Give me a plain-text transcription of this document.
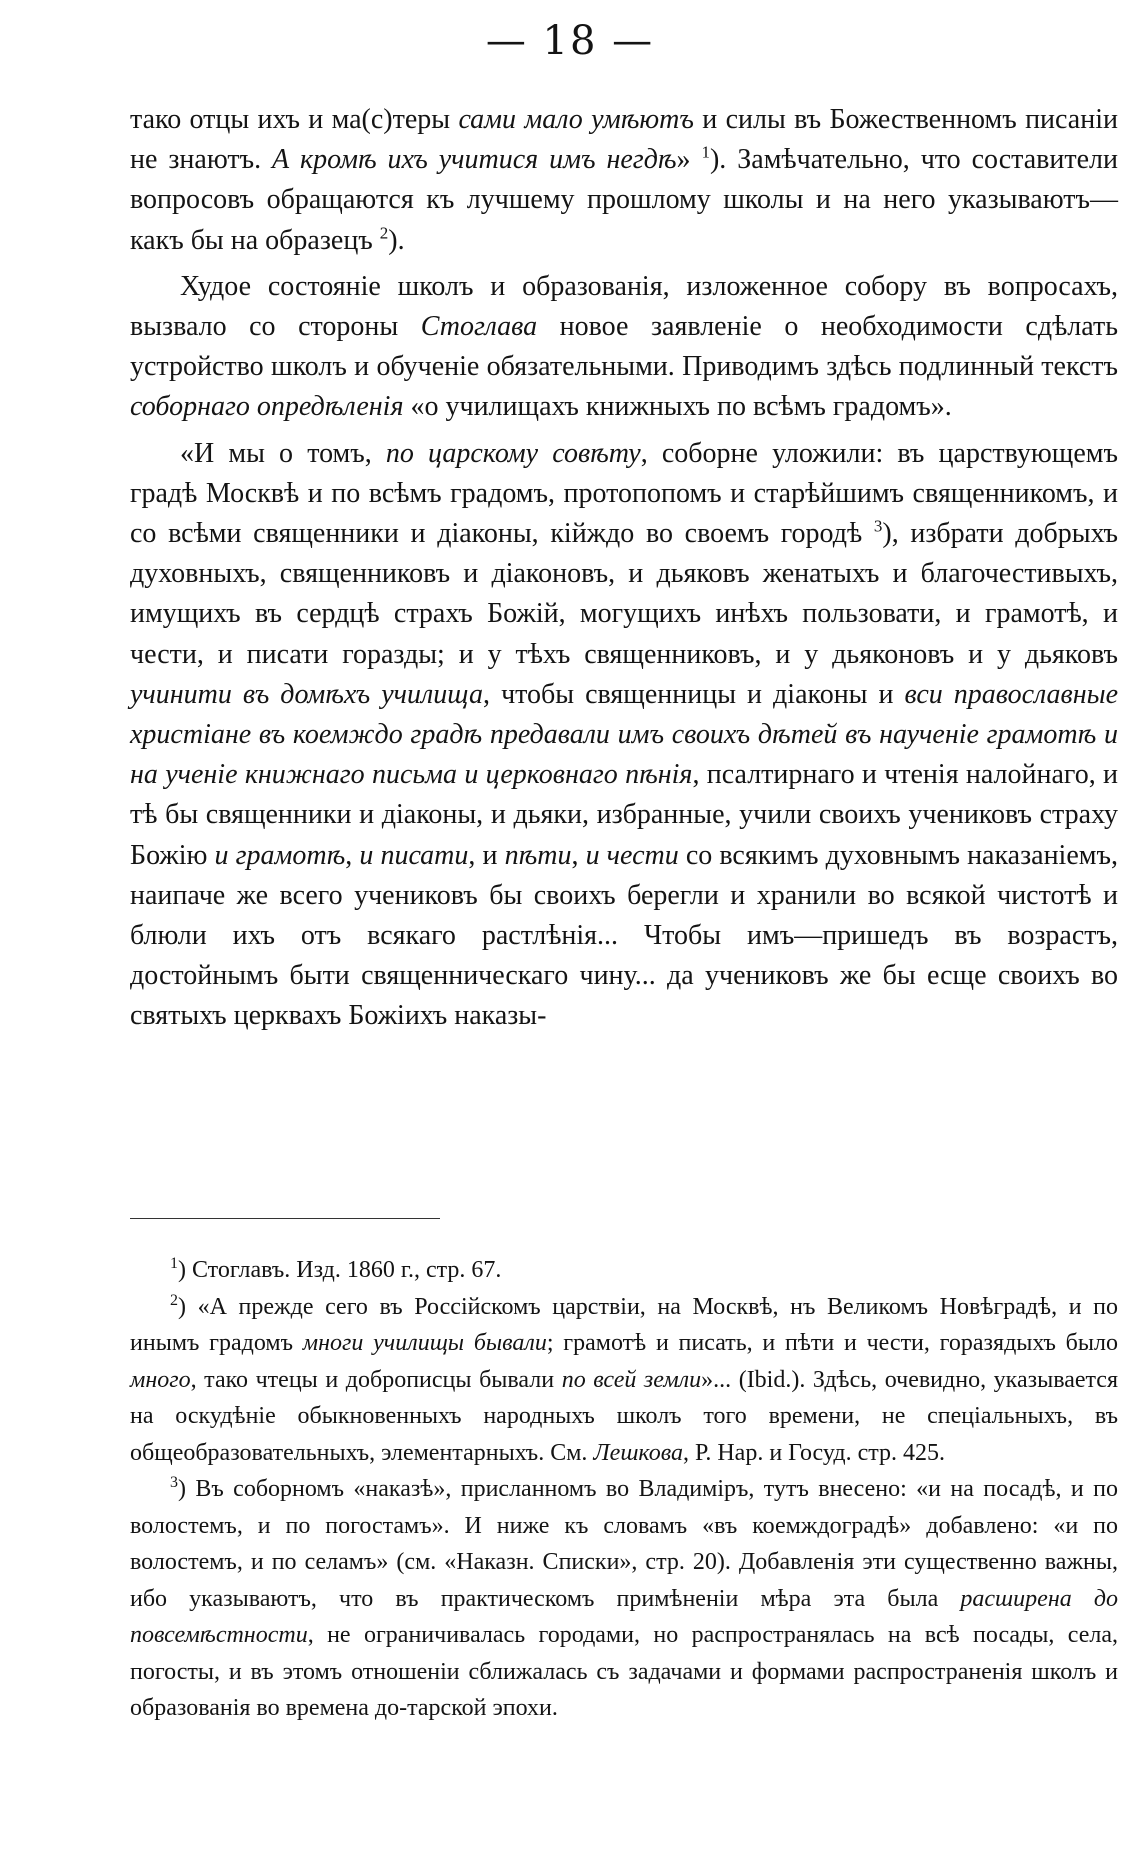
— 18 —

тако отцы ихъ и ма(с)теры сами мало умѣютъ и силы въ Божественномъ писаніи не знаютъ. А кромѣ ихъ учитися имъ негдѣ» $^1$). Замѣчательно, что составители вопросовъ обращаются къ лучшему прошлому школы и на него указываютъ—какъ бы на образецъ $^2$).

Худое состояніе школъ и образованія, изложенное собору въ вопросахъ, вызвало со стороны Стоглава новое заявленіе о необходимости сдѣлать устройство школъ и обученіе обязательными. Приводимъ здѣсь подлинный текстъ соборнаго опредѣленія «о училищахъ книжныхъ по всѣмъ градомъ».

«И мы о томъ, по царскому совѣту, соборне уложили: въ царствующемъ градѣ Москвѣ и по всѣмъ градомъ, протопопомъ и старѣйшимъ священникомъ, и со всѣми священники и діаконы, кійждо во своемъ городѣ $^3$), избрати добрыхъ духовныхъ, священниковъ и діаконовъ, и дьяковъ женатыхъ и благочестивыхъ, имущихъ въ сердцѣ страхъ Божій, могущихъ инѣхъ пользовати, и грамотѣ, и чести, и писати горазды; и у тѣхъ священниковъ, и у дьяконовъ и у дьяковъ учинити въ домѣхъ училища, чтобы священницы и діаконы и вси православные христіане въ коемждо градѣ предавали имъ своихъ дѣтей въ наученіе грамотѣ и на ученіе книжнаго письма и церковнаго пѣнія, псалтирнаго и чтенія налойнаго, и тѣ бы священники и діаконы, и дьяки, избранные, учили своихъ учениковъ страху Божію и грамотѣ, и писати, и пѣти, и чести со всякимъ духовнымъ наказаніемъ, наипаче же всего учениковъ бы своихъ берегли и хранили во всякой чистотѣ и блюли ихъ отъ всякаго растлѣнія... Чтобы имъ—пришедъ въ возрастъ, достойнымъ быти священническаго чину... да учениковъ же бы есще своихъ во святыхъ церквахъ Божіихъ наказы-

$^1$) Стоглавъ. Изд. 1860 г., стр. 67.

$^2$) «А прежде сего въ Россійскомъ царствіи, на Москвѣ, нъ Великомъ Новѣградѣ, и по инымъ градомъ многи училищы бывали; грамотѣ и писать, и пѣти и чести, горазядыхъ было много, тако чтецы и доброписцы бывали по всей земли»... (Ibid.). Здѣсь, очевидно, указывается на оскудѣніе обыкновенныхъ народныхъ школъ того времени, не спеціальныхъ, въ общеобразовательныхъ, элементарныхъ. См. Лешкова, Р. Нар. и Госуд. стр. 425.

$^3$) Въ соборномъ «наказѣ», присланномъ во Владиміръ, тутъ внесено: «и на посадѣ, и по волостемъ, и по погостамъ». И ниже къ словамъ «въ коемждоградѣ» добавлено: «и по волостемъ, и по селамъ» (см. «Наказн. Списки», стр. 20). Добавленія эти существенно важны, ибо указываютъ, что въ практическомъ примѣненіи мѣра эта была расширена до повсемѣстности, не ограничивалась городами, но распространялась на всѣ посады, села, погосты, и въ этомъ отношеніи сближалась съ задачами и формами распространенія школъ и образованія во времена до-тарской эпохи.
